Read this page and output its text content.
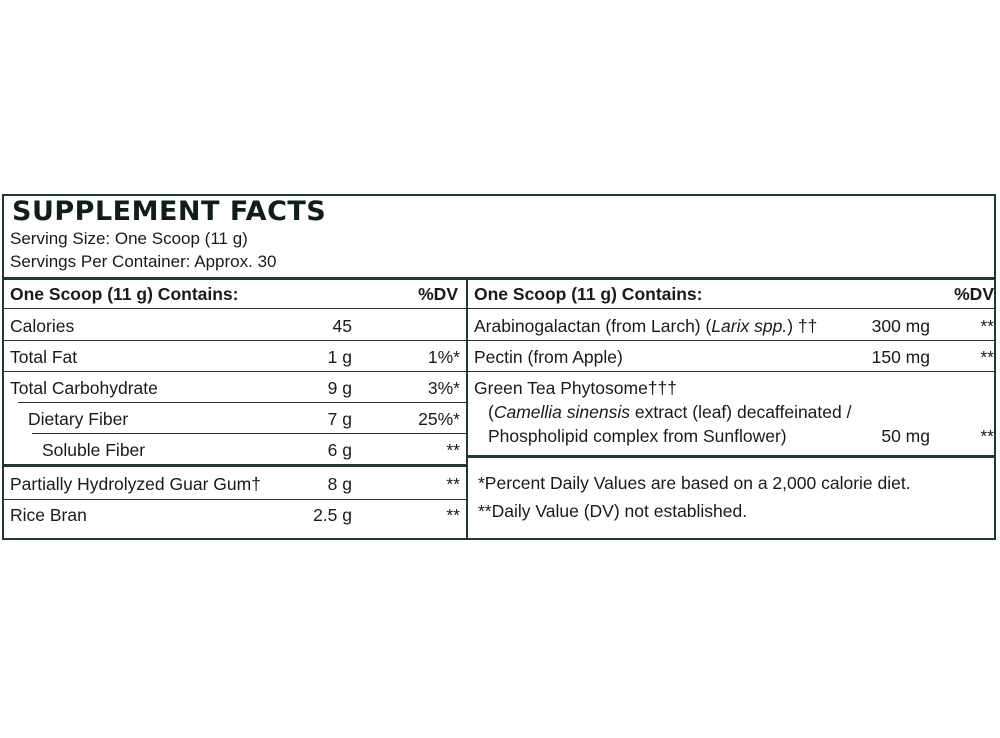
SUPPLEMENT FACTS
Serving Size: One Scoop (11 g)
Servings Per Container: Approx. 30
One Scoop (11 g) Contains:	%DV
Calories	45
Total Fat	1 g	1%*
Total Carbohydrate	9 g	3%*
Dietary Fiber	7 g	25%*
Soluble Fiber	6 g	**
Partially Hydrolyzed Guar Gum†	8 g	**
Rice Bran	2.5 g	**
One Scoop (11 g) Contains:	%DV
Arabinogalactan (from Larch) (Larix spp.) ††	300 mg	**
Pectin (from Apple)	150 mg	**
Green Tea Phytosome†††
(Camellia sinensis extract (leaf) decaffeinated /
Phospholipid complex from Sunflower)	50 mg	**
*Percent Daily Values are based on a 2,000 calorie diet.
**Daily Value (DV) not established.
